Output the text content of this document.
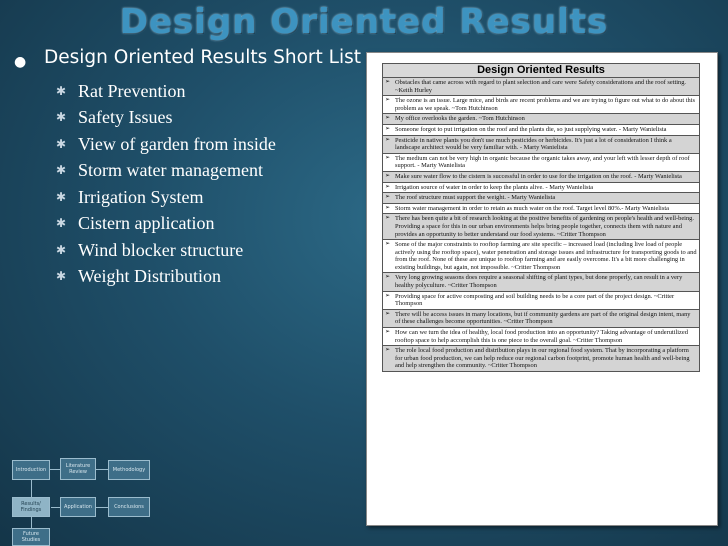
Design Oriented Results
● Design Oriented Results Short List
✱ Rat Prevention
✱ Safety Issues
✱ View of garden from inside
✱ Storm water management
✱ Irrigation System
✱ Cistern application
✱ Wind blocker structure
✱ Weight Distribution
Design Oriented Results
➢ Obstacles that came across with regard to plant selection and care were Safety considerations and the roof setting. ~Keith Hurley
➢ The ozone is an issue. Large mice, and birds are recent problems and we are trying to figure out what to do about this problem as we speak. ~Tom Hutchinson
➢ My office overlooks the garden. ~Tom Hutchinson
➢ Someone forgot to put irrigation on the roof and the plants die, so just supplying water. - Marty Wanielista
➢ Pesticide in native plants you don't use much pesticides or herbicides. It's just a lot of consideration I think a landscape architect would be very familiar with. - Marty Wanielista
➢ The medium can not be very high in organic because the organic takes away, and your left with lesser depth of roof support. - Marty Wanielista
➢ Make sure water flow to the cistern is successful in order to use for the irrigation on the roof. - Marty Wanielista
➢ Irrigation source of water in order to keep the plants alive. - Marty Wanielista
➢ The roof structure must support the weight. - Marty Wanielista
➢ Storm water management in order to retain as much water on the roof. Target level 80%.- Marty Wanielista
➢ There has been quite a bit of research looking at the positive benefits of gardening on people's health and well-being. Providing a space for this in our urban environments helps bring people together, connects them with nature and provides an opportunity to better understand our food systems. ~Critter Thompson
➢ Some of the major constraints to rooftop farming are site specific – increased load (including live load of people actively using the rooftop space), water penetration and storage issues and infrastructure for transporting goods to and from the roof. None of these are unique to rooftop farming and are easily overcome. It's a bit more challenging in existing buildings, but again, not impossible. ~Critter Thompson
➢ Very long growing seasons does require a seasonal shifting of plant types, but done properly, can result in a very healthy polyculture. ~Critter Thompson
➢ Providing space for active composting and soil building needs to be a core part of the project design. ~Critter Thompson
➢ There will be access issues in many locations, but if community gardens are part of the original design intent, many of these challenges become opportunities. ~Critter Thompson
➢ How can we turn the idea of healthy, local food production into an opportunity? Taking advantage of underutilized rooftop space to help accomplish this is one piece to the overall goal. ~Critter Thompson
➢ The role local food production and distribution plays in our regional food system. That by incorporating a platform for urban food production, we can help reduce our regional carbon footprint, promote human health and well-being and help strengthen the community. ~Critter Thompson
Introduction
Literature Review	Methodology
Results/ Findings	Application	Conclusions
Future Studies
